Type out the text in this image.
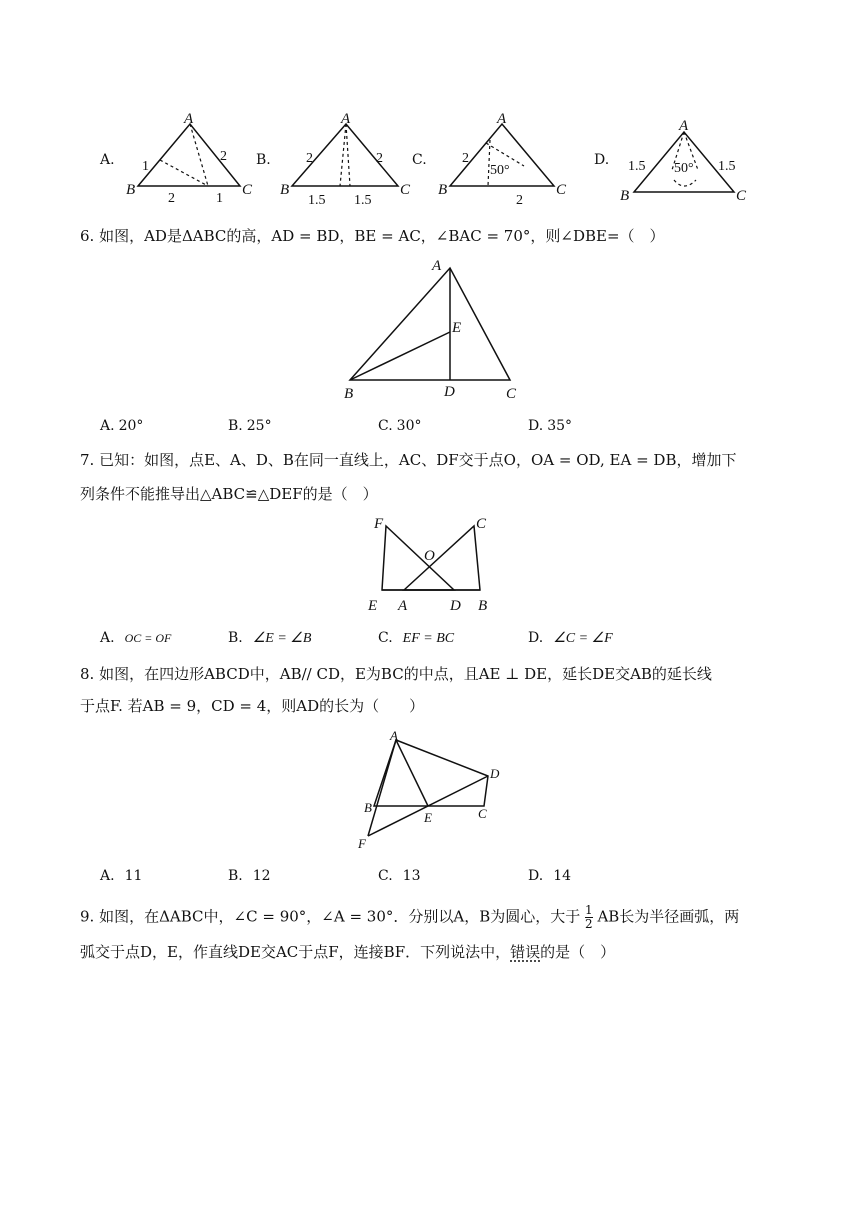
A.
A
B	C
1
2
2	1
B.
A
B	C
2	2
1.5 1.5
C.
A
B	C
2
50°
2
D.
A
B	C
1.5 50° 1.5
6. 如图，AD是ΔABC的高，AD = BD，BE = AC，∠BAC = 70°，则∠DBE=（　）
A
B	C
D
E
A. 20°	B. 25°	C. 30°	D. 35°
7. 已知：如图，点E、A、D、B在同一直线上，AC、DF交于点O，OA = OD, EA = DB，增加下
列条件不能推导出△ABC≌△DEF的是（　）
F	C
O
E A	D B
A. OC = OF	B. ∠E = ∠B	C. EF = BC	D. ∠C = ∠F
8. 如图，在四边形ABCD中，AB// CD，E为BC的中点，且AE ⊥ DE，延长DE交AB的延长线
于点F. 若AB = 9，CD = 4，则AD的长为（　　）
A
B	C
D
E
F
A. 11	B. 12	C. 13	D. 14
9. 如图，在ΔABC中，∠C = 90°，∠A = 30°．分别以A，B为圆心，大于 $\frac{1}{2}$ AB长为半径画弧，两
弧交于点D，E，作直线DE交AC于点F，连接BF．下列说法中，错误的是（　）
